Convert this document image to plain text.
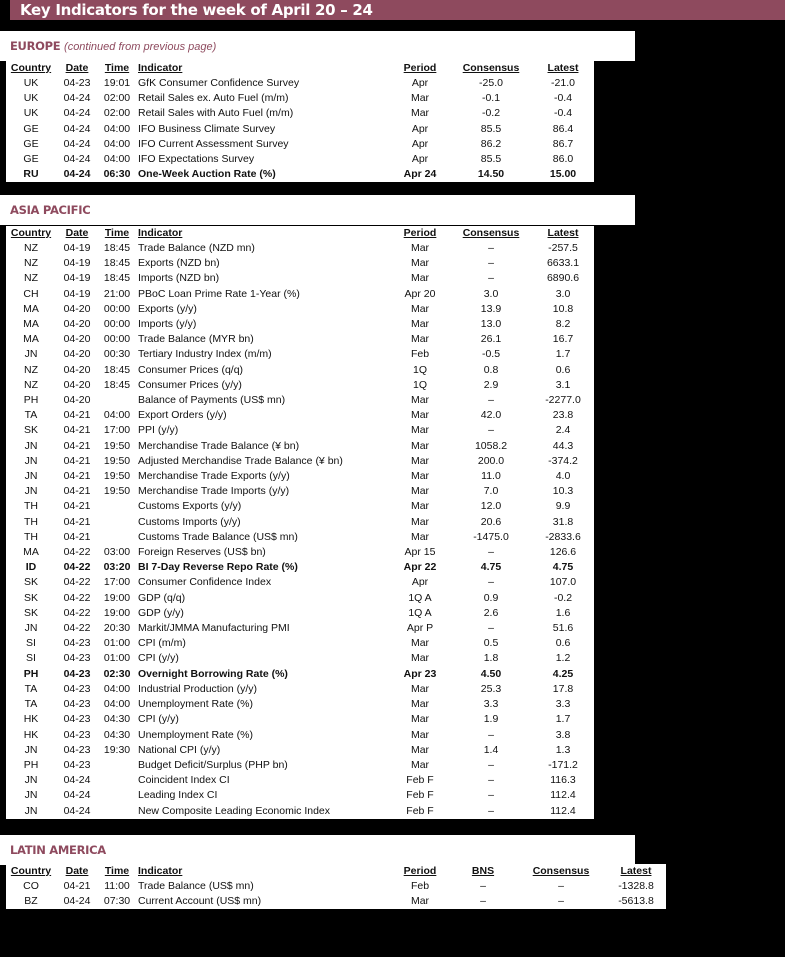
Key Indicators for the week of April 20 – 24
EUROPE (continued from previous page)
Country	Date	Time	Indicator	Period	Consensus	Latest
UK	04-23	19:01	GfK Consumer Confidence Survey	Apr	-25.0	-21.0
UK	04-24	02:00	Retail Sales ex. Auto Fuel (m/m)	Mar	-0.1	-0.4
UK	04-24	02:00	Retail Sales with Auto Fuel (m/m)	Mar	-0.2	-0.4
GE	04-24	04:00	IFO Business Climate Survey	Apr	85.5	86.4
GE	04-24	04:00	IFO Current Assessment Survey	Apr	86.2	86.7
GE	04-24	04:00	IFO Expectations Survey	Apr	85.5	86.0
RU	04-24	06:30	One-Week Auction Rate (%)	Apr 24	14.50	15.00
ASIA PACIFIC
Country	Date	Time	Indicator	Period	Consensus	Latest
NZ	04-19	18:45	Trade Balance (NZD mn)	Mar	–	-257.5
NZ	04-19	18:45	Exports (NZD bn)	Mar	–	6633.1
NZ	04-19	18:45	Imports (NZD bn)	Mar	–	6890.6
CH	04-19	21:00	PBoC Loan Prime Rate 1-Year (%)	Apr 20	3.0	3.0
MA	04-20	00:00	Exports (y/y)	Mar	13.9	10.8
MA	04-20	00:00	Imports (y/y)	Mar	13.0	8.2
MA	04-20	00:00	Trade Balance (MYR bn)	Mar	26.1	16.7
JN	04-20	00:30	Tertiary Industry Index (m/m)	Feb	-0.5	1.7
NZ	04-20	18:45	Consumer Prices (q/q)	1Q	0.8	0.6
NZ	04-20	18:45	Consumer Prices (y/y)	1Q	2.9	3.1
PH	04-20		Balance of Payments (US$ mn)	Mar	–	-2277.0
TA	04-21	04:00	Export Orders (y/y)	Mar	42.0	23.8
SK	04-21	17:00	PPI (y/y)	Mar	–	2.4
JN	04-21	19:50	Merchandise Trade Balance (¥ bn)	Mar	1058.2	44.3
JN	04-21	19:50	Adjusted Merchandise Trade Balance (¥ bn)	Mar	200.0	-374.2
JN	04-21	19:50	Merchandise Trade Exports (y/y)	Mar	11.0	4.0
JN	04-21	19:50	Merchandise Trade Imports (y/y)	Mar	7.0	10.3
TH	04-21		Customs Exports (y/y)	Mar	12.0	9.9
TH	04-21		Customs Imports (y/y)	Mar	20.6	31.8
TH	04-21		Customs Trade Balance (US$ mn)	Mar	-1475.0	-2833.6
MA	04-22	03:00	Foreign Reserves (US$ bn)	Apr 15	–	126.6
ID	04-22	03:20	BI 7-Day Reverse Repo Rate (%)	Apr 22	4.75	4.75
SK	04-22	17:00	Consumer Confidence Index	Apr	–	107.0
SK	04-22	19:00	GDP (q/q)	1Q A	0.9	-0.2
SK	04-22	19:00	GDP (y/y)	1Q A	2.6	1.6
JN	04-22	20:30	Markit/JMMA Manufacturing PMI	Apr P	–	51.6
SI	04-23	01:00	CPI (m/m)	Mar	0.5	0.6
SI	04-23	01:00	CPI (y/y)	Mar	1.8	1.2
PH	04-23	02:30	Overnight Borrowing Rate (%)	Apr 23	4.50	4.25
TA	04-23	04:00	Industrial Production (y/y)	Mar	25.3	17.8
TA	04-23	04:00	Unemployment Rate (%)	Mar	3.3	3.3
HK	04-23	04:30	CPI (y/y)	Mar	1.9	1.7
HK	04-23	04:30	Unemployment Rate (%)	Mar	–	3.8
JN	04-23	19:30	National CPI (y/y)	Mar	1.4	1.3
PH	04-23		Budget Deficit/Surplus (PHP bn)	Mar	–	-171.2
JN	04-24		Coincident Index CI	Feb F	–	116.3
JN	04-24		Leading Index CI	Feb F	–	112.4
JN	04-24		New Composite Leading Economic Index	Feb F	–	112.4
LATIN AMERICA
Country	Date	Time	Indicator	Period	BNS	Consensus	Latest
CO	04-21	11:00	Trade Balance (US$ mn)	Feb	–	–	-1328.8
BZ	04-24	07:30	Current Account (US$ mn)	Mar	–	–	-5613.8
